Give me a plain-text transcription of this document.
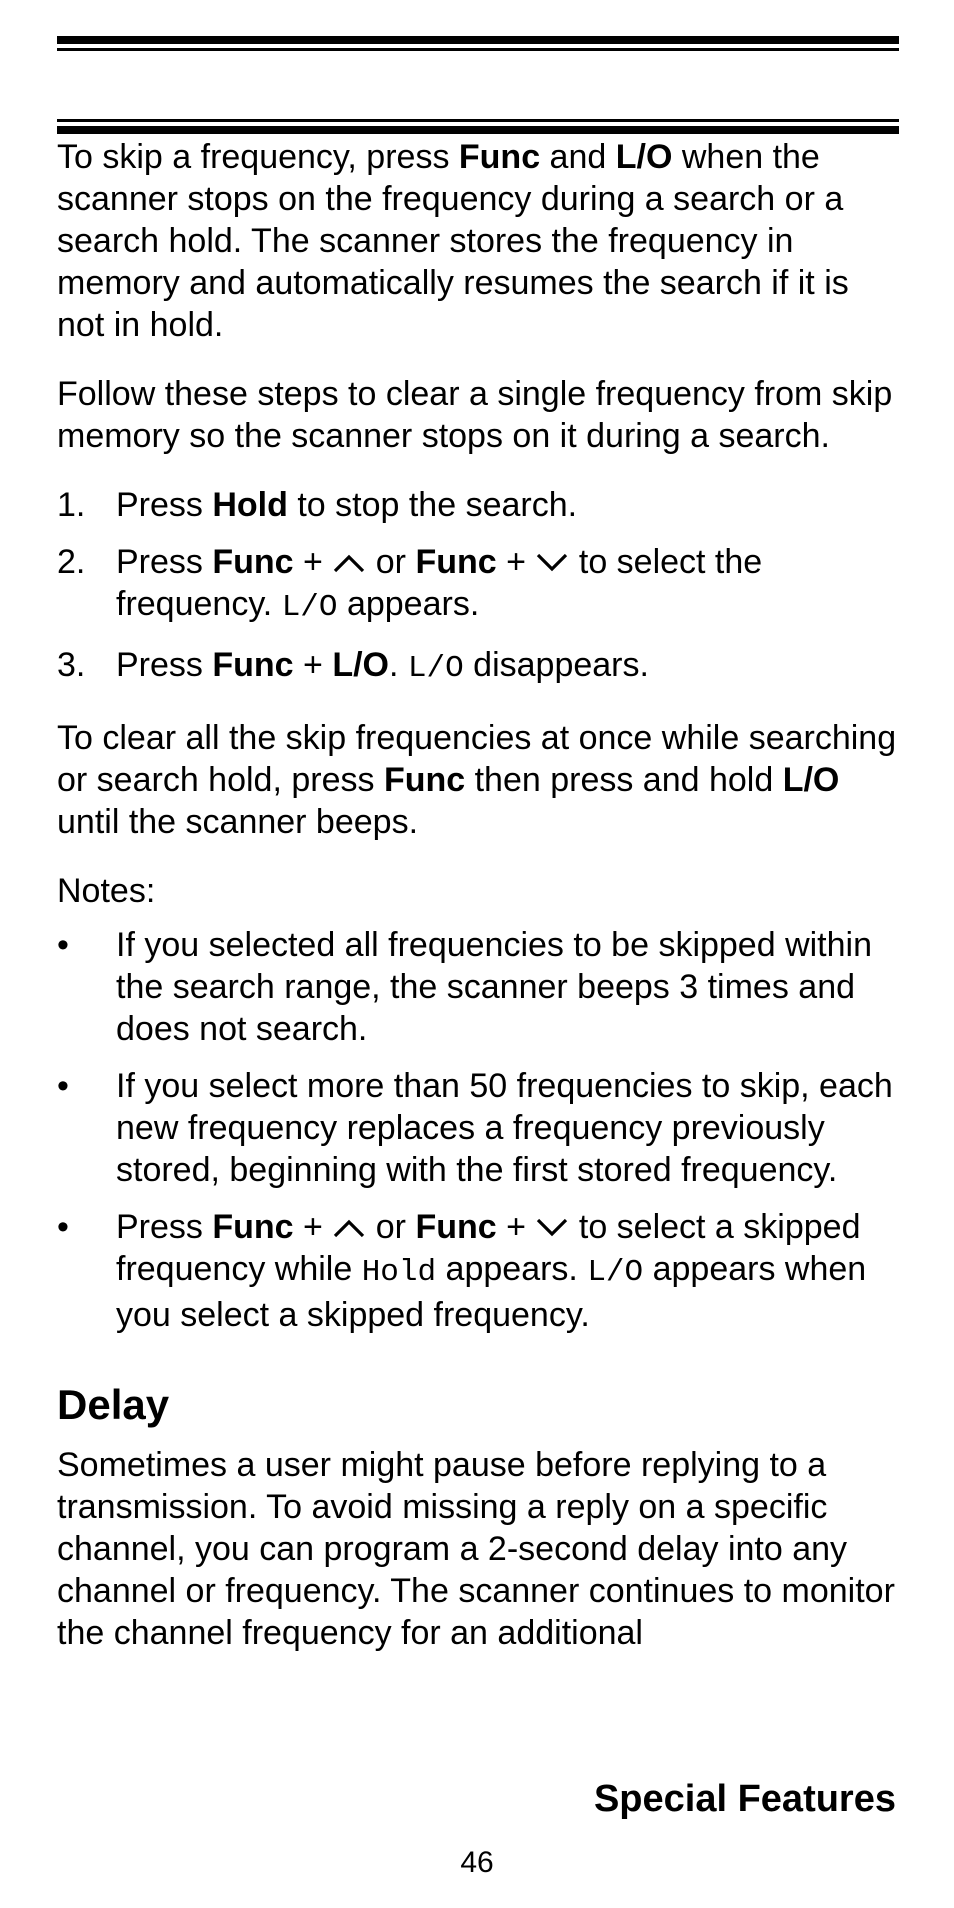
To skip a frequency, press Func and L/O when the scanner stops on the frequency during a search or a search hold. The scanner stores the frequency in memory and automatically resumes the search if it is not in hold.

Follow these steps to clear a single frequency from skip memory so the scanner stops on it during a search.

1. Press Hold to stop the search.
2. Press Func +
or Func +
to select the frequency. L/O appears.
3. Press Func + L/O. L/O disappears.

To clear all the skip frequencies at once while searching or search hold, press Func then press and hold L/O until the scanner beeps.

Notes:

•	If you selected all frequencies to be skipped within the search range, the scanner beeps 3 times and does not search.
•	If you select more than 50 frequencies to skip, each new frequency replaces a frequency previously stored, beginning with the first stored frequency.
•	Press Func +
or Func +
to select a skipped frequency while Hold appears. L/O appears when you select a skipped frequency.
Delay

Sometimes a user might pause before replying to a transmission. To avoid missing a reply on a specific channel, you can program a 2-second delay into any channel or frequency. The scanner continues to monitor the channel frequency for an additional

Special Features
46
